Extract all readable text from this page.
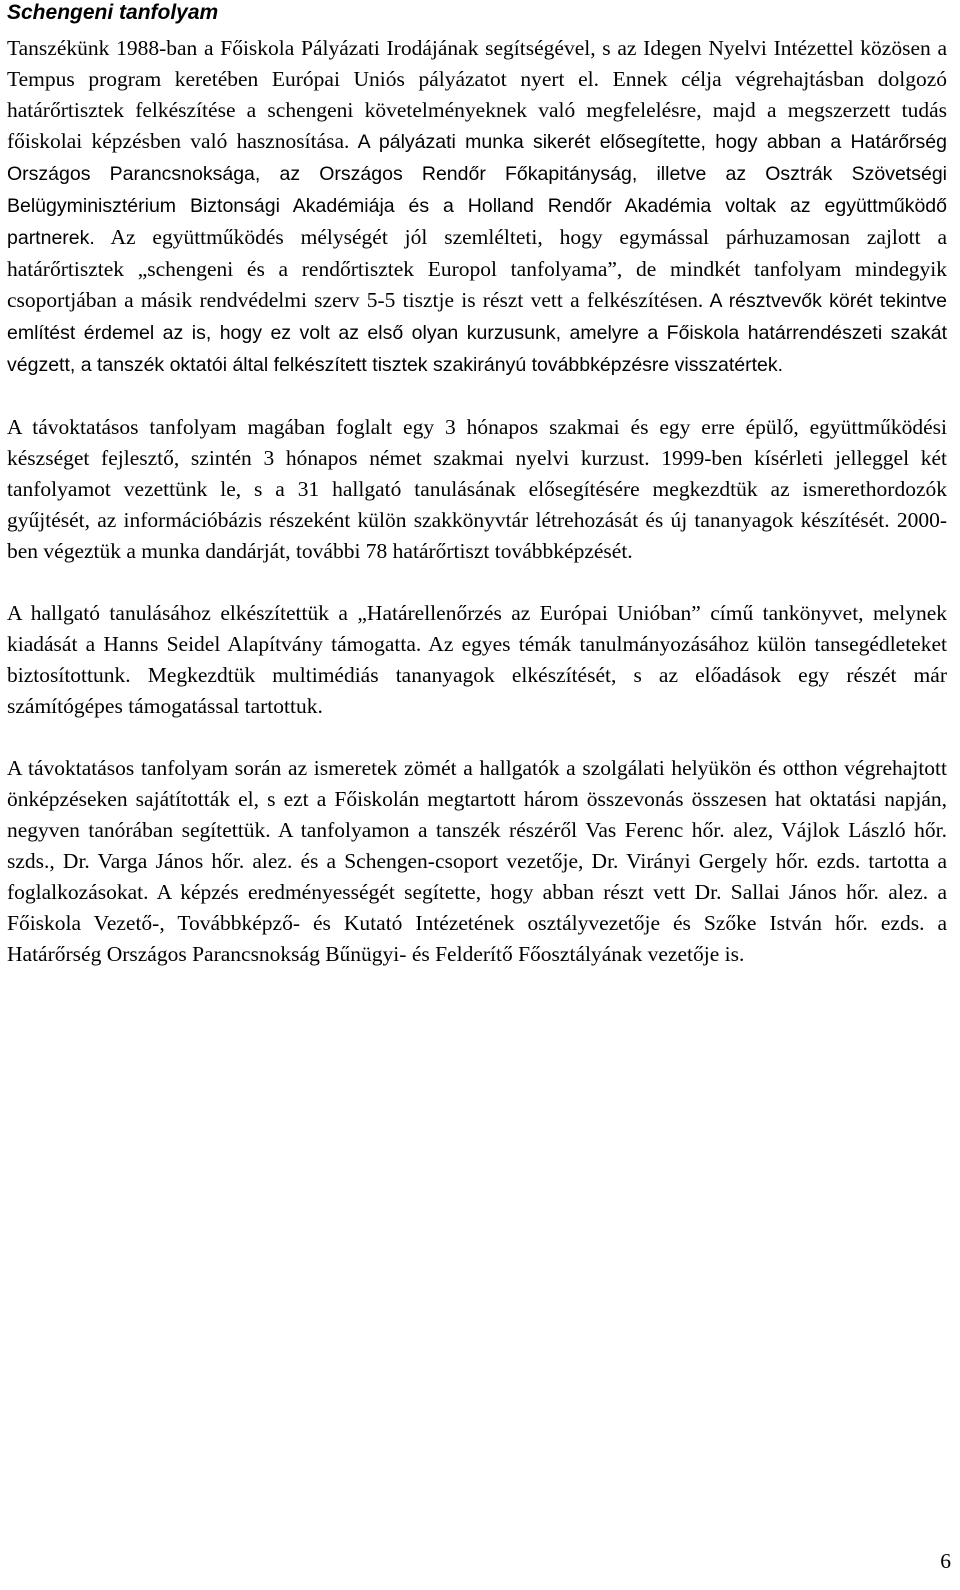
Schengeni tanfolyam

Tanszékünk 1988-ban a Főiskola Pályázati Irodájának segítségével, s az Idegen Nyelvi Intézettel közösen a Tempus program keretében Európai Uniós pályázatot nyert el. Ennek célja végrehajtásban dolgozó határőrtisztek felkészítése a schengeni követelményeknek való megfelelésre, majd a megszerzett tudás főiskolai képzésben való hasznosítása. A pályázati munka sikerét elősegítette, hogy abban a Határőrség Országos Parancsnoksága, az Országos Rendőr Főkapitányság, illetve az Osztrák Szövetségi Belügyminisztérium Biztonsági Akadémiája és a Holland Rendőr Akadémia voltak az együttműködő partnerek. Az együttműködés mélységét jól szemlélteti, hogy egymással párhuzamosan zajlott a határőrtisztek „schengeni és a rendőrtisztek Europol tanfolyama”, de mindkét tanfolyam mindegyik csoportjában a másik rendvédelmi szerv 5-5 tisztje is részt vett a felkészítésen. A résztvevők körét tekintve említést érdemel az is, hogy ez volt az első olyan kurzusunk, amelyre a Főiskola határrendészeti szakát végzett, a tanszék oktatói által felkészített tisztek szakirányú továbbképzésre visszatértek.

A távoktatásos tanfolyam magában foglalt egy 3 hónapos szakmai és egy erre épülő, együttműködési készséget fejlesztő, szintén 3 hónapos német szakmai nyelvi kurzust. 1999-ben kísérleti jelleggel két tanfolyamot vezettünk le, s a 31 hallgató tanulásának elősegítésére megkezdtük az ismerethordozók gyűjtését, az információbázis részeként külön szakkönyvtár létrehozását és új tananyagok készítését. 2000-ben végeztük a munka dandárját, további 78 határőrtiszt továbbképzését.

A hallgató tanulásához elkészítettük a „Határellenőrzés az Európai Unióban” című tankönyvet, melynek kiadását a Hanns Seidel Alapítvány támogatta. Az egyes témák tanulmányozásához külön tansegédleteket biztosítottunk. Megkezdtük multimédiás tananyagok elkészítését, s az előadások egy részét már számítógépes támogatással tartottuk.

A távoktatásos tanfolyam során az ismeretek zömét a hallgatók a szolgálati helyükön és otthon végrehajtott önképzéseken sajátították el, s ezt a Főiskolán megtartott három összevonás összesen hat oktatási napján, negyven tanórában segítettük. A tanfolyamon a tanszék részéről Vas Ferenc hőr. alez, Vájlok László hőr. szds., Dr. Varga János hőr. alez. és a Schengen-csoport vezetője, Dr. Virányi Gergely hőr. ezds. tartotta a foglalkozásokat. A képzés eredményességét segítette, hogy abban részt vett Dr. Sallai János hőr. alez. a Főiskola Vezető-, Továbbképző- és Kutató Intézetének osztályvezetője és Szőke István hőr. ezds. a Határőrség Országos Parancsnokság Bűnügyi- és Felderítő Főosztályának vezetője is.

6
